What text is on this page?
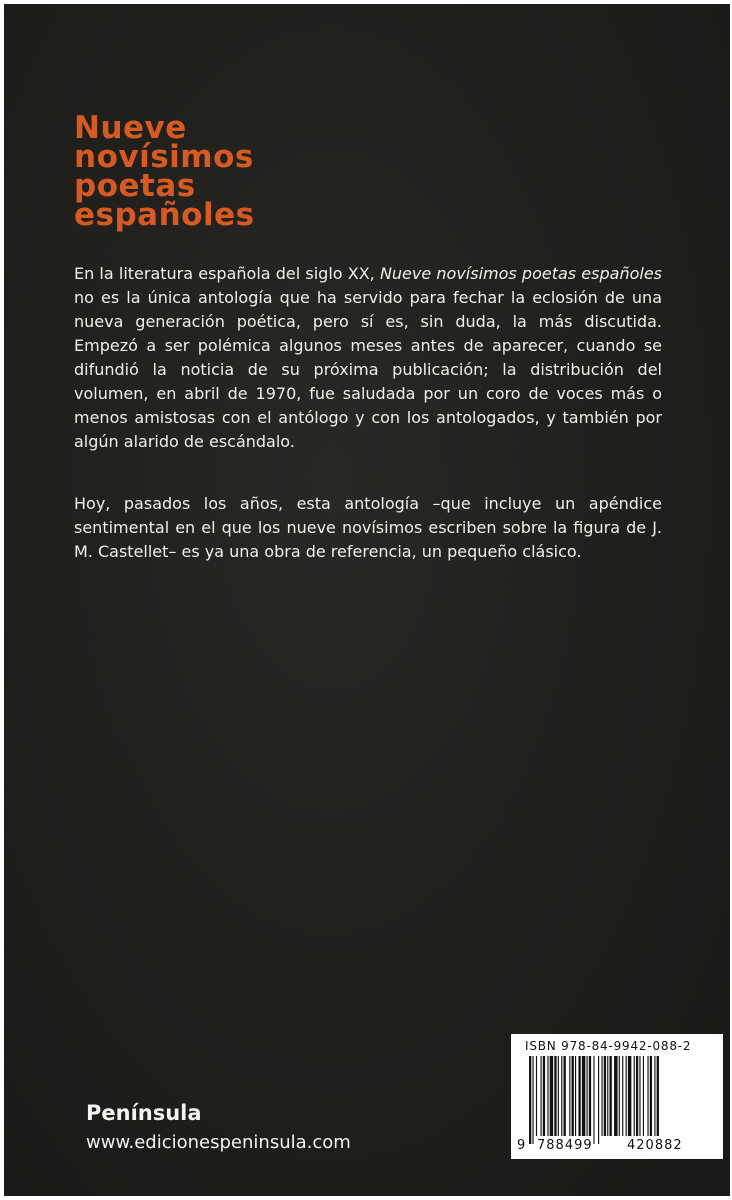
Nueve
novísimos
poetas
españoles

En la literatura española del siglo XX, Nueve novísimos poetas españoles no es la única antología que ha servido para fechar la eclosión de una nueva generación poética, pero sí es, sin duda, la más discutida. Empezó a ser polémica algunos meses antes de aparecer, cuando se difundió la noticia de su próxima publicación; la distribución del volumen, en abril de 1970, fue saludada por un coro de voces más o menos amistosas con el antólogo y con los antologados, y también por algún alarido de escándalo.

Hoy, pasados los años, esta antología –que incluye un apéndice sentimental en el que los nueve novísimos escriben sobre la figura de J. M. Castellet– es ya una obra de referencia, un pequeño clásico.

Península
www.edicionespeninsula.com
ISBN 978-84-9942-088-2
9 788499	420882
